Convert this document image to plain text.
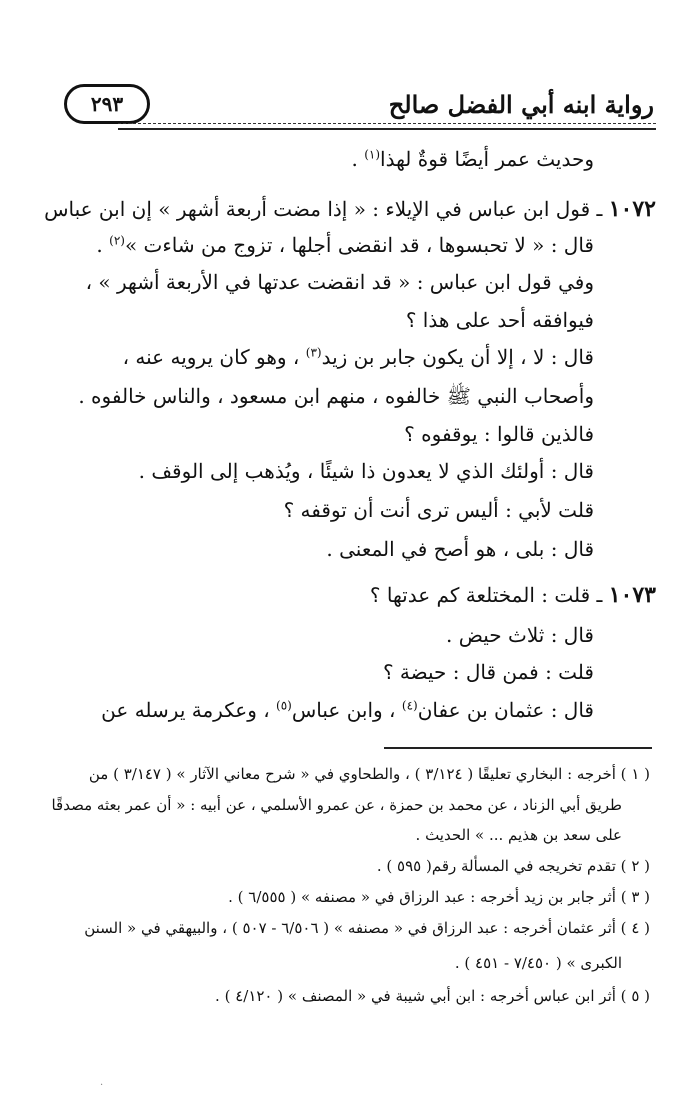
٢٩٣	رواية ابنه أبي الفضل صالح
وحديث عمر أيضًا قوةٌ لهذا$^{(١)}$ .
١٠٧٢ ـ قول ابن عباس في الإيلاء : « إذا مضت أربعة أشهر » إن ابن عباس
قال : « لا تحبسوها ، قد انقضى أجلها ، تزوج من شاءت »$^{(٢)}$ .
وفي قول ابن عباس : « قد انقضت عدتها في الأربعة أشهر » ،
فيوافقه أحد على هذا ؟
قال : لا ، إلا أن يكون جابر بن زيد$^{(٣)}$ ، وهو كان يرويه عنه ،
وأصحاب النبي ﷺ خالفوه ، منهم ابن مسعود ، والناس خالفوه .
فالذين قالوا : يوقفوه ؟
قال : أولئك الذي لا يعدون ذا شيئًا ، ويُذهب إلى الوقف .
قلت لأبي : أليس ترى أنت أن توقفه ؟
قال : بلى ، هو أصح في المعنى .
١٠٧٣ ـ قلت : المختلعة كم عدتها ؟
قال : ثلاث حيض .
قلت : فمن قال : حيضة ؟
قال : عثمان بن عفان$^{(٤)}$ ، وابن عباس$^{(٥)}$ ، وعكرمة يرسله عن
( ١ ) أخرجه : البخاري تعليقًا ( ٣/١٢٤ ) ، والطحاوي في « شرح معاني الآثار » ( ٣/١٤٧ ) من
طريق أبي الزناد ، عن محمد بن حمزة ، عن عمرو الأسلمي ، عن أبيه : « أن عمر بعثه مصدقًا
على سعد بن هذيم ... » الحديث .
( ٢ ) تقدم تخريجه في المسألة رقم( ٥٩٥ ) .
( ٣ ) أثر جابر بن زيد أخرجه : عبد الرزاق في « مصنفه » ( ٦/٥٥٥ ) .
( ٤ ) أثر عثمان أخرجه : عبد الرزاق في « مصنفه » ( ٦/٥٠٦ - ٥٠٧ ) ، والبيهقي في « السنن
الكبرى » ( ٧/٤٥٠ - ٤٥١ ) .
( ٥ ) أثر ابن عباس أخرجه : ابن أبي شيبة في « المصنف » ( ٤/١٢٠ ) .
·
